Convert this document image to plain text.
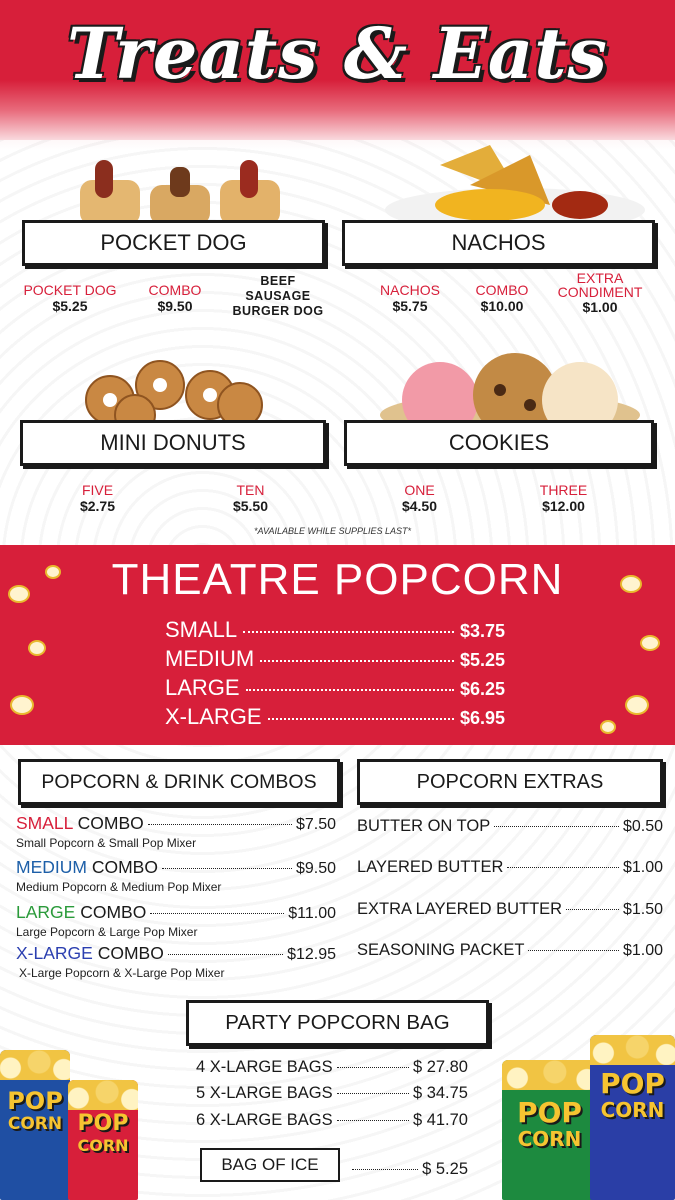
Treats & Eats
POCKET DOG	NACHOS
POCKET DOG
$5.25
COMBO
$9.50
BEEF
SAUSAGE
BURGER DOG
NACHOS
$5.75
COMBO
$10.00
EXTRA
CONDIMENT
$1.00
MINI DONUTS	COOKIES
FIVE
$2.75
TEN
$5.50
ONE
$4.50
THREE
$12.00
*AVAILABLE WHILE SUPPLIES LAST*
THEATRE POPCORN
SMALL	$3.75
MEDIUM	$5.25
LARGE	$6.25
X-LARGE	$6.95
POPCORN & DRINK COMBOS	POPCORN EXTRAS
SMALL COMBO	$7.50
Small Popcorn & Small Pop Mixer
MEDIUM COMBO	$9.50
Medium Popcorn & Medium Pop Mixer
LARGE COMBO	$11.00
Large Popcorn & Large Pop Mixer
X-LARGE COMBO	$12.95
X-Large Popcorn & X-Large Pop Mixer
BUTTER ON TOP	$0.50
LAYERED BUTTER	$1.00
EXTRA LAYERED BUTTER	$1.50
SEASONING PACKET	$1.00
PARTY POPCORN BAG
4 X-LARGE BAGS	$ 27.80
5 X-LARGE BAGS	$ 34.75
6 X-LARGE BAGS	$ 41.70
BAG OF ICE	$ 5.25
POP
CORN POP
CORN
POP
CORN
POP
CORN
